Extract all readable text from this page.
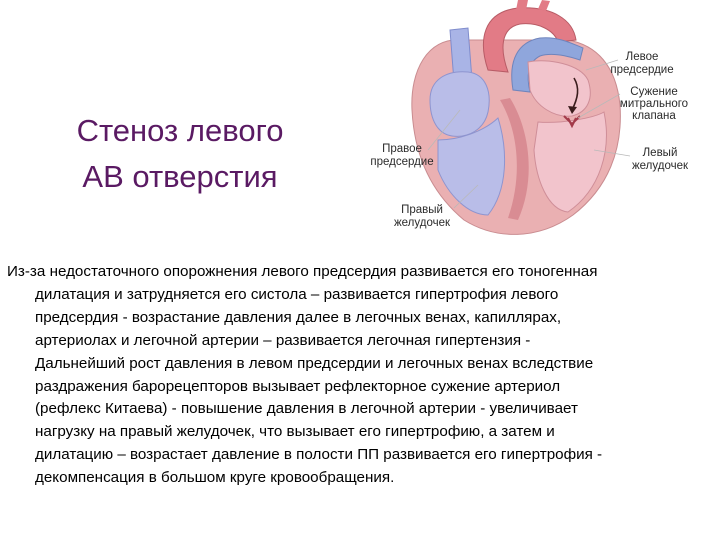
Стеноз левого
АВ отверстия
Левое
предсердие
Сужение
митрального
клапана
Левый
желудочек
Правое
предсердие
Правый
желудочек
Из-за недостаточного опорожнения левого предсердия развивается его тоногенная
дилатация и затрудняется его систола – развивается гипертрофия левого
предсердия - возрастание давления далее в легочных венах, капиллярах,
артериолах и легочной артерии – развивается легочная гипертензия -
Дальнейший рост давления в левом предсердии и легочных венах вследствие
раздражения барорецепторов вызывает рефлекторное сужение артериол
(рефлекс Китаева) - повышение давления в легочной артерии - увеличивает
нагрузку на правый желудочек, что вызывает его гипертрофию, а затем и
дилатацию – возрастает давление в полости ПП развивается его гипертрофия -
декомпенсация в большом круге кровообращения.
